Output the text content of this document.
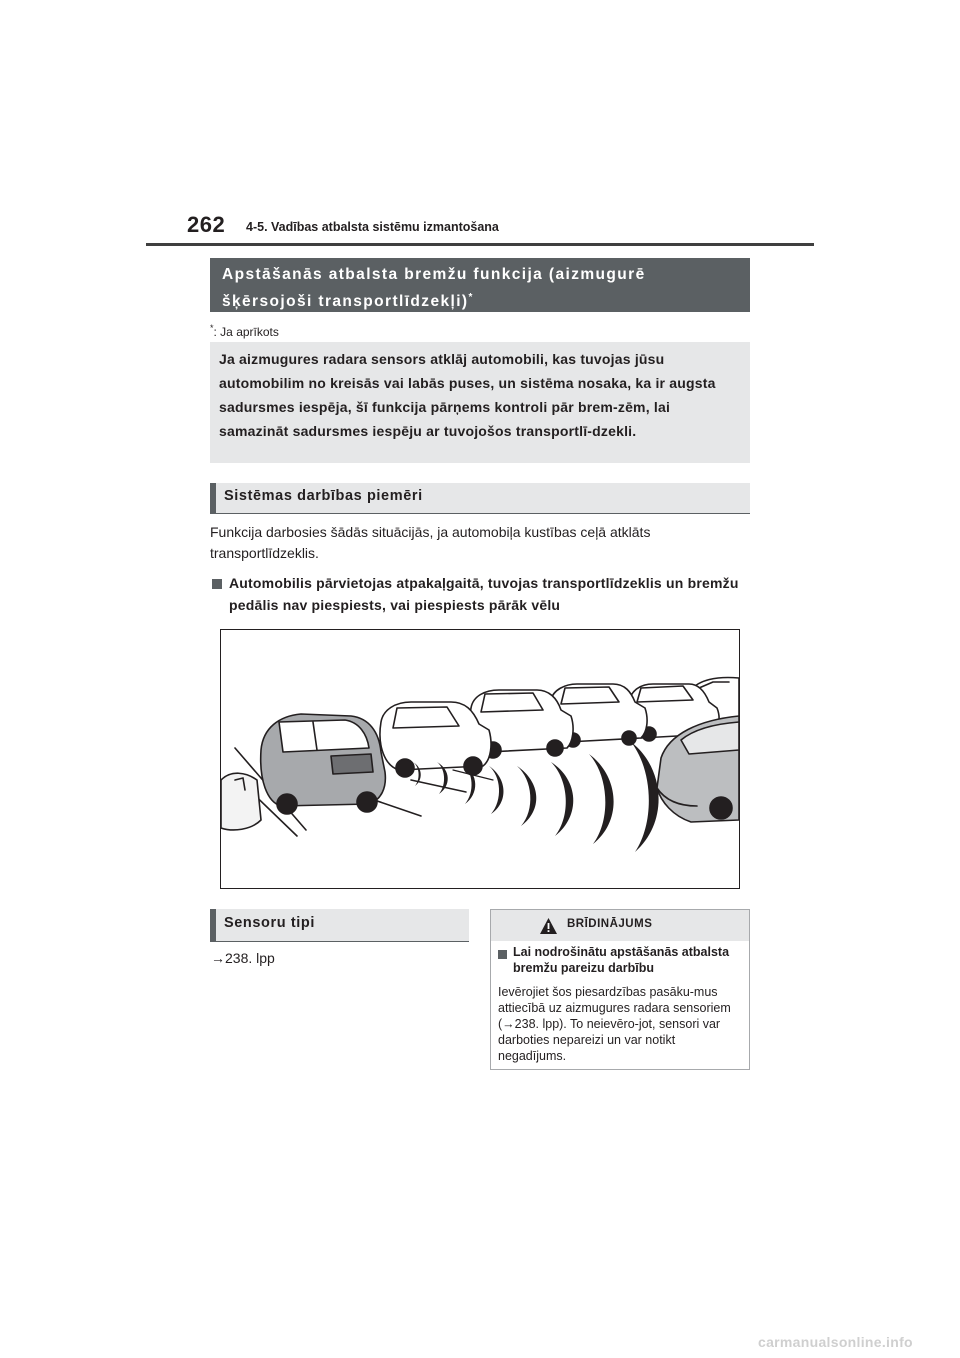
262 4-5. Vadības atbalsta sistēmu izmantošana
Apstāšanās atbalsta bremžu funkcija (aizmugurē
šķērsojoši transportlīdzekļi)*
*: Ja aprīkots
Ja aizmugures radara sensors atklāj automobili, kas tuvojas jūsu automobilim no kreisās vai labās puses, un sistēma nosaka, ka ir augsta sadursmes iespēja, šī funkcija pārņems kontroli pār brem-zēm, lai samazināt sadursmes iespēju ar tuvojošos transportlī-dzekli.
Sistēmas darbības piemēri
Funkcija darbosies šādās situācijās, ja automobiļa kustības ceļā atklāts transportlīdzeklis.
Automobilis pārvietojas atpakaļgaitā, tuvojas transportlīdzeklis un bremžu pedālis nav piespiests, vai piespiests pārāk vēlu
Sensoru tipi
→238. lpp
BRĪDINĀJUMS
Lai nodrošinātu apstāšanās atbalsta bremžu pareizu darbību
Ievērojiet šos piesardzības pasāku-mus attiecībā uz aizmugures radara sensoriem (→238. lpp). To neievēro-jot, sensori var darboties nepareizi un var notikt negadījums.
carmanualsonline.info
